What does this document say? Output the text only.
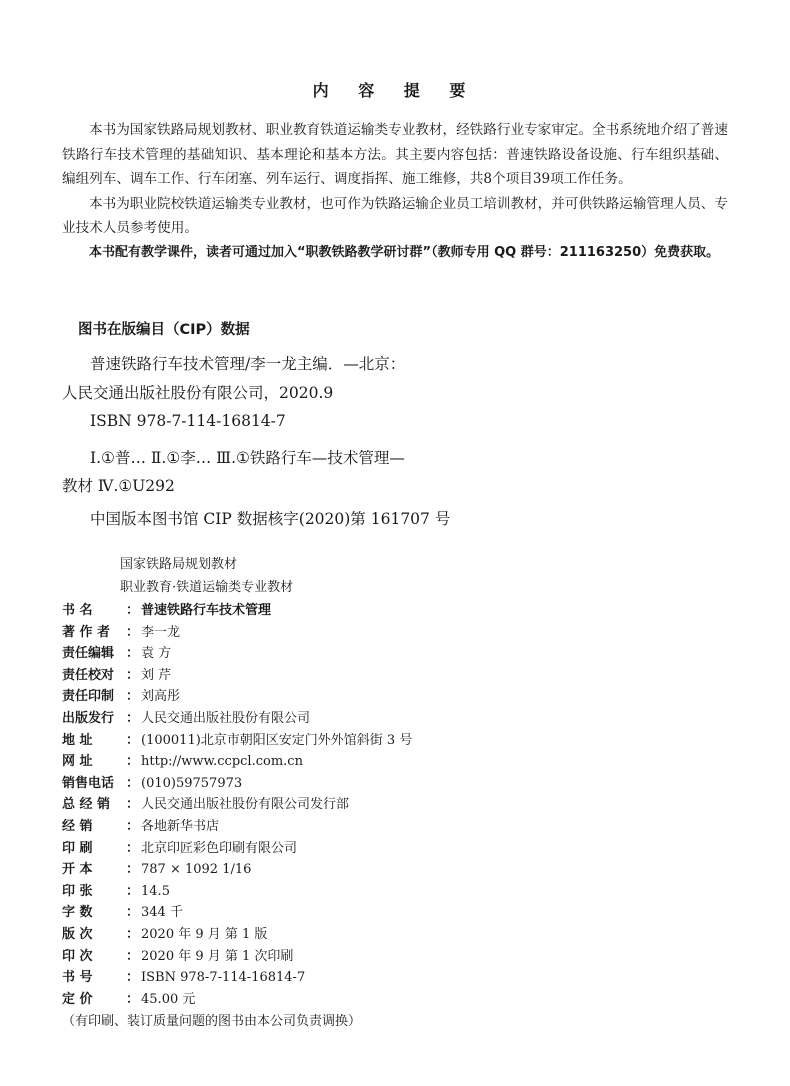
内 容 提 要

本书为国家铁路局规划教材、职业教育铁道运输类专业教材，经铁路行业专家审定。全书系统地介绍了普速铁路行车技术管理的基础知识、基本理论和基本方法。其主要内容包括：普速铁路设备设施、行车组织基础、编组列车、调车工作、行车闭塞、列车运行、调度指挥、施工维修，共8个项目39项工作任务。

本书为职业院校铁道运输类专业教材，也可作为铁路运输企业员工培训教材，并可供铁路运输管理人员、专业技术人员参考使用。

本书配有教学课件，读者可通过加入“职教铁路教学研讨群”（教师专用 QQ 群号：211163250）免费获取。

图书在版编目（CIP）数据
普速铁路行车技术管理/李一龙主编．—北京：
人民交通出版社股份有限公司，2020.9
ISBN 978-7-114-16814-7
Ⅰ.①普… Ⅱ.①李… Ⅲ.①铁路行车—技术管理—
教材 Ⅳ.①U292
中国版本图书馆 CIP 数据核字(2020)第 161707 号
国家铁路局规划教材
职业教育·铁道运输类专业教材
书 名	： 普速铁路行车技术管理
著 作 者	： 李一龙
责任编辑 ： 袁 方
责任校对 ： 刘 芹
责任印制 ： 刘高彤
出版发行 ： 人民交通出版社股份有限公司
地 址	： (100011)北京市朝阳区安定门外外馆斜街 3 号
网 址	： http://www.ccpcl.com.cn
销售电话 ： (010)59757973
总 经 销	： 人民交通出版社股份有限公司发行部
经 销	： 各地新华书店
印 刷	： 北京印匠彩色印刷有限公司
开 本	： 787 × 1092 1/16
印 张	： 14.5
字 数	： 344 千
版 次	： 2020 年 9 月 第 1 版
印 次	： 2020 年 9 月 第 1 次印刷
书 号	： ISBN 978-7-114-16814-7
定 价	： 45.00 元
（有印刷、装订质量问题的图书由本公司负责调换）
